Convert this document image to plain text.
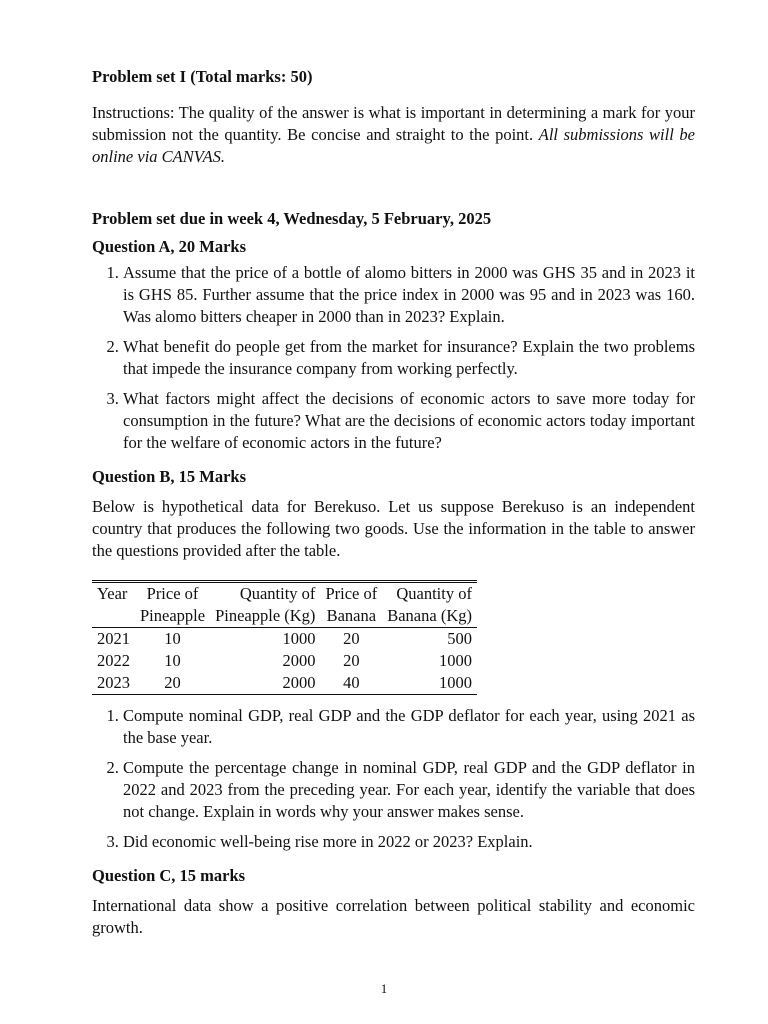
Problem set I (Total marks: 50)

Instructions: The quality of the answer is what is important in determining a mark for your submission not the quantity. Be concise and straight to the point. All submissions will be online via CANVAS.

Problem set due in week 4, Wednesday, 5 February, 2025

Question A, 20 Marks

1. Assume that the price of a bottle of alomo bitters in 2000 was GHS 35 and in 2023 it is GHS 85. Further assume that the price index in 2000 was 95 and in 2023 was 160. Was alomo bitters cheaper in 2000 than in 2023? Explain.
2. What benefit do people get from the market for insurance? Explain the two problems that impede the insurance company from working perfectly.
3. What factors might affect the decisions of economic actors to save more today for consumption in the future? What are the decisions of economic actors today important for the welfare of economic actors in the future?

Question B, 15 Marks

Below is hypothetical data for Berekuso. Let us suppose Berekuso is an independent country that produces the following two goods. Use the information in the table to answer the questions provided after the table.

Year	Price of	Quantity of	Price of	Quantity of
	Pineapple	Pineapple (Kg)	Banana	Banana (Kg)
2021	10	1000	20	500
2022	10	2000	20	1000
2023	20	2000	40	1000
1. Compute nominal GDP, real GDP and the GDP deflator for each year, using 2021 as the base year.
2. Compute the percentage change in nominal GDP, real GDP and the GDP deflator in 2022 and 2023 from the preceding year. For each year, identify the variable that does not change. Explain in words why your answer makes sense.
3. Did economic well-being rise more in 2022 or 2023? Explain.

Question C, 15 marks

International data show a positive correlation between political stability and economic growth.

1
